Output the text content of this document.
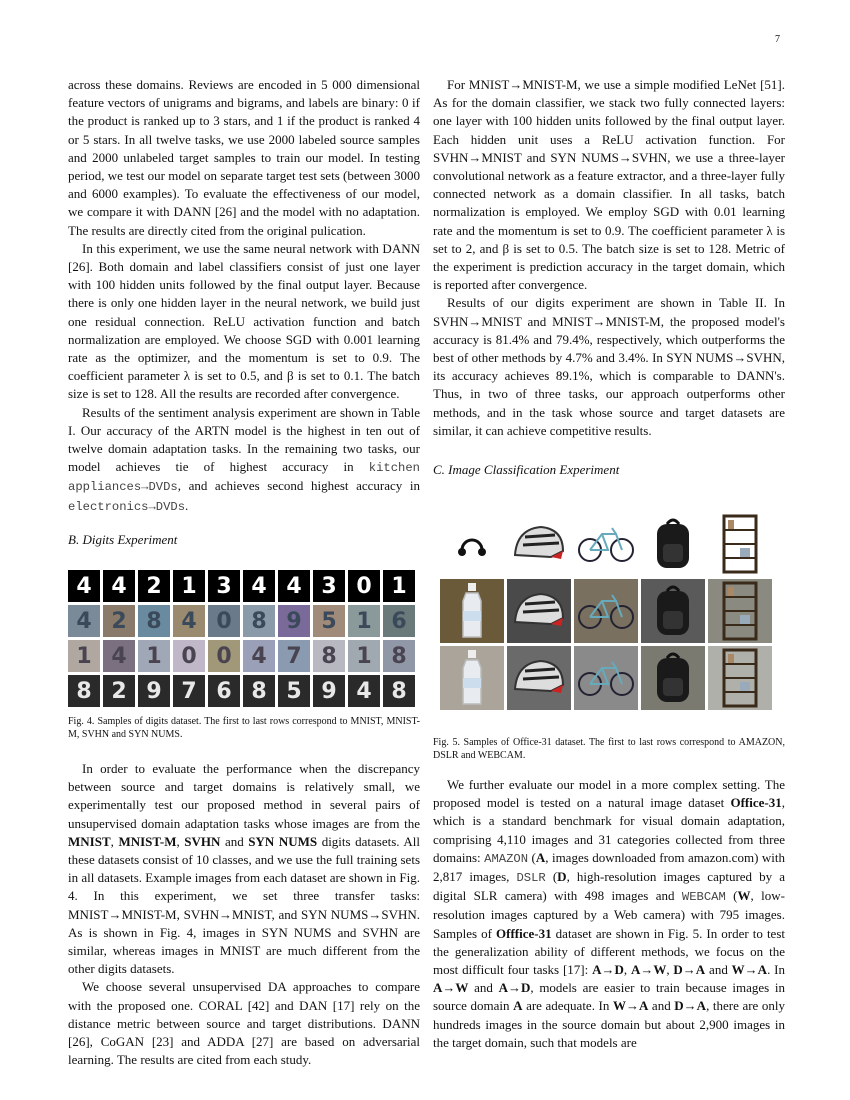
7

across these domains. Reviews are encoded in 5 000 dimensional feature vectors of unigrams and bigrams, and labels are binary: 0 if the product is ranked up to 3 stars, and 1 if the product is ranked 4 or 5 stars. In all twelve tasks, we use 2000 labeled source samples and 2000 unlabeled target samples to train our model. In testing period, we test our model on separate target test sets (between 3000 and 6000 examples). To evaluate the effectiveness of our model, we compare it with DANN [26] and the model with no adaptation. The results are directly cited from the original pulication.

In this experiment, we use the same neural network with DANN [26]. Both domain and label classifiers consist of just one layer with 100 hidden units followed by the final output layer. Because there is only one hidden layer in the neural network, we build just one residual connection. ReLU activation function and batch normalization are employed. We choose SGD with 0.001 learning rate as the optimizer, and the momentum is set to 0.9. The coefficient parameter λ is set to 0.5, and β is set to 0.1. The batch size is set to 128. All the results are recorded after convergence.

Results of the sentiment analysis experiment are shown in Table I. Our accuracy of the ARTN model is the highest in ten out of twelve domain adaptation tasks. In the remaining two tasks, our model achieves tie of highest accuracy in kitchen appliances→DVDs, and achieves second highest accuracy in electronics→DVDs.

B. Digits Experiment
4 4 2 1 3 4 4 3 0 1
4 2 8 4 0 8 9 5 1 6
1 4 1 0 0 4 7 8 1 8
8 2 9 7 6 8 5 9 4 8
Fig. 4. Samples of digits dataset. The first to last rows correspond to MNIST, MNIST-M, SVHN and SYN NUMS.

In order to evaluate the performance when the discrepancy between source and target domains is relatively small, we experimentally test our proposed method in several pairs of unsupervised domain adaptation tasks whose images are from the MNIST, MNIST-M, SVHN and SYN NUMS digits datasets. All these datasets consist of 10 classes, and we use the full training sets in all datasets. Example images from each dataset are shown in Fig. 4. In this experiment, we set three transfer tasks: MNIST→MNIST-M, SVHN→MNIST, and SYN NUMS→SVHN. As is shown in Fig. 4, images in SYN NUMS and SVHN are similar, whereas images in MNIST are much different from the other digits datasets.

We choose several unsupervised DA approaches to compare with the proposed one. CORAL [42] and DAN [17] rely on the distance metric between source and target distributions. DANN [26], CoGAN [23] and ADDA [27] are based on adversarial learning. The results are cited from each study.

For MNIST→MNIST-M, we use a simple modified LeNet [51]. As for the domain classifier, we stack two fully connected layers: one layer with 100 hidden units followed by the final output layer. Each hidden unit uses a ReLU activation function. For SVHN→MNIST and SYN NUMS→SVHN, we use a three-layer convolutional network as a feature extractor, and a three-layer fully connected network as a domain classifier. In all tasks, batch normalization is employed. We employ SGD with 0.01 learning rate and the momentum is set to 0.9. The coefficient parameter λ is set to 2, and β is set to 0.5. The batch size is set to 128. Metric of the experiment is prediction accuracy in the target domain, which is reported after convergence.

Results of our digits experiment are shown in Table II. In SVHN→MNIST and MNIST→MNIST-M, the proposed model's accuracy is 81.4% and 79.4%, respectively, which outperforms the best of other methods by 4.7% and 3.4%. In SYN NUMS→SVHN, its accuracy achieves 89.1%, which is comparable to DANN's. Thus, in two of three tasks, our approach outperforms other methods, and in the task whose source and target datasets are similar, it can achieve competitive results.

C. Image Classification Experiment
Fig. 5. Samples of Office-31 dataset. The first to last rows correspond to AMAZON, DSLR and WEBCAM.

We further evaluate our model in a more complex setting. The proposed model is tested on a natural image dataset Office-31, which is a standard benchmark for visual domain adaptation, comprising 4,110 images and 31 categories collected from three domains: AMAZON (A, images downloaded from amazon.com) with 2,817 images, DSLR (D, high-resolution images captured by a digital SLR camera) with 498 images and WEBCAM (W, low-resolution images captured by a Web camera) with 795 images. Samples of Offfice-31 dataset are shown in Fig. 5. In order to test the generalization ability of different methods, we focus on the most difficult four tasks [17]: A→D, A→W, D→A and W→A. In A→W and A→D, models are easier to train because images in source domain A are adequate. In W→A and D→A, there are only hundreds images in the source domain but about 2,900 images in the target domain, such that models are
